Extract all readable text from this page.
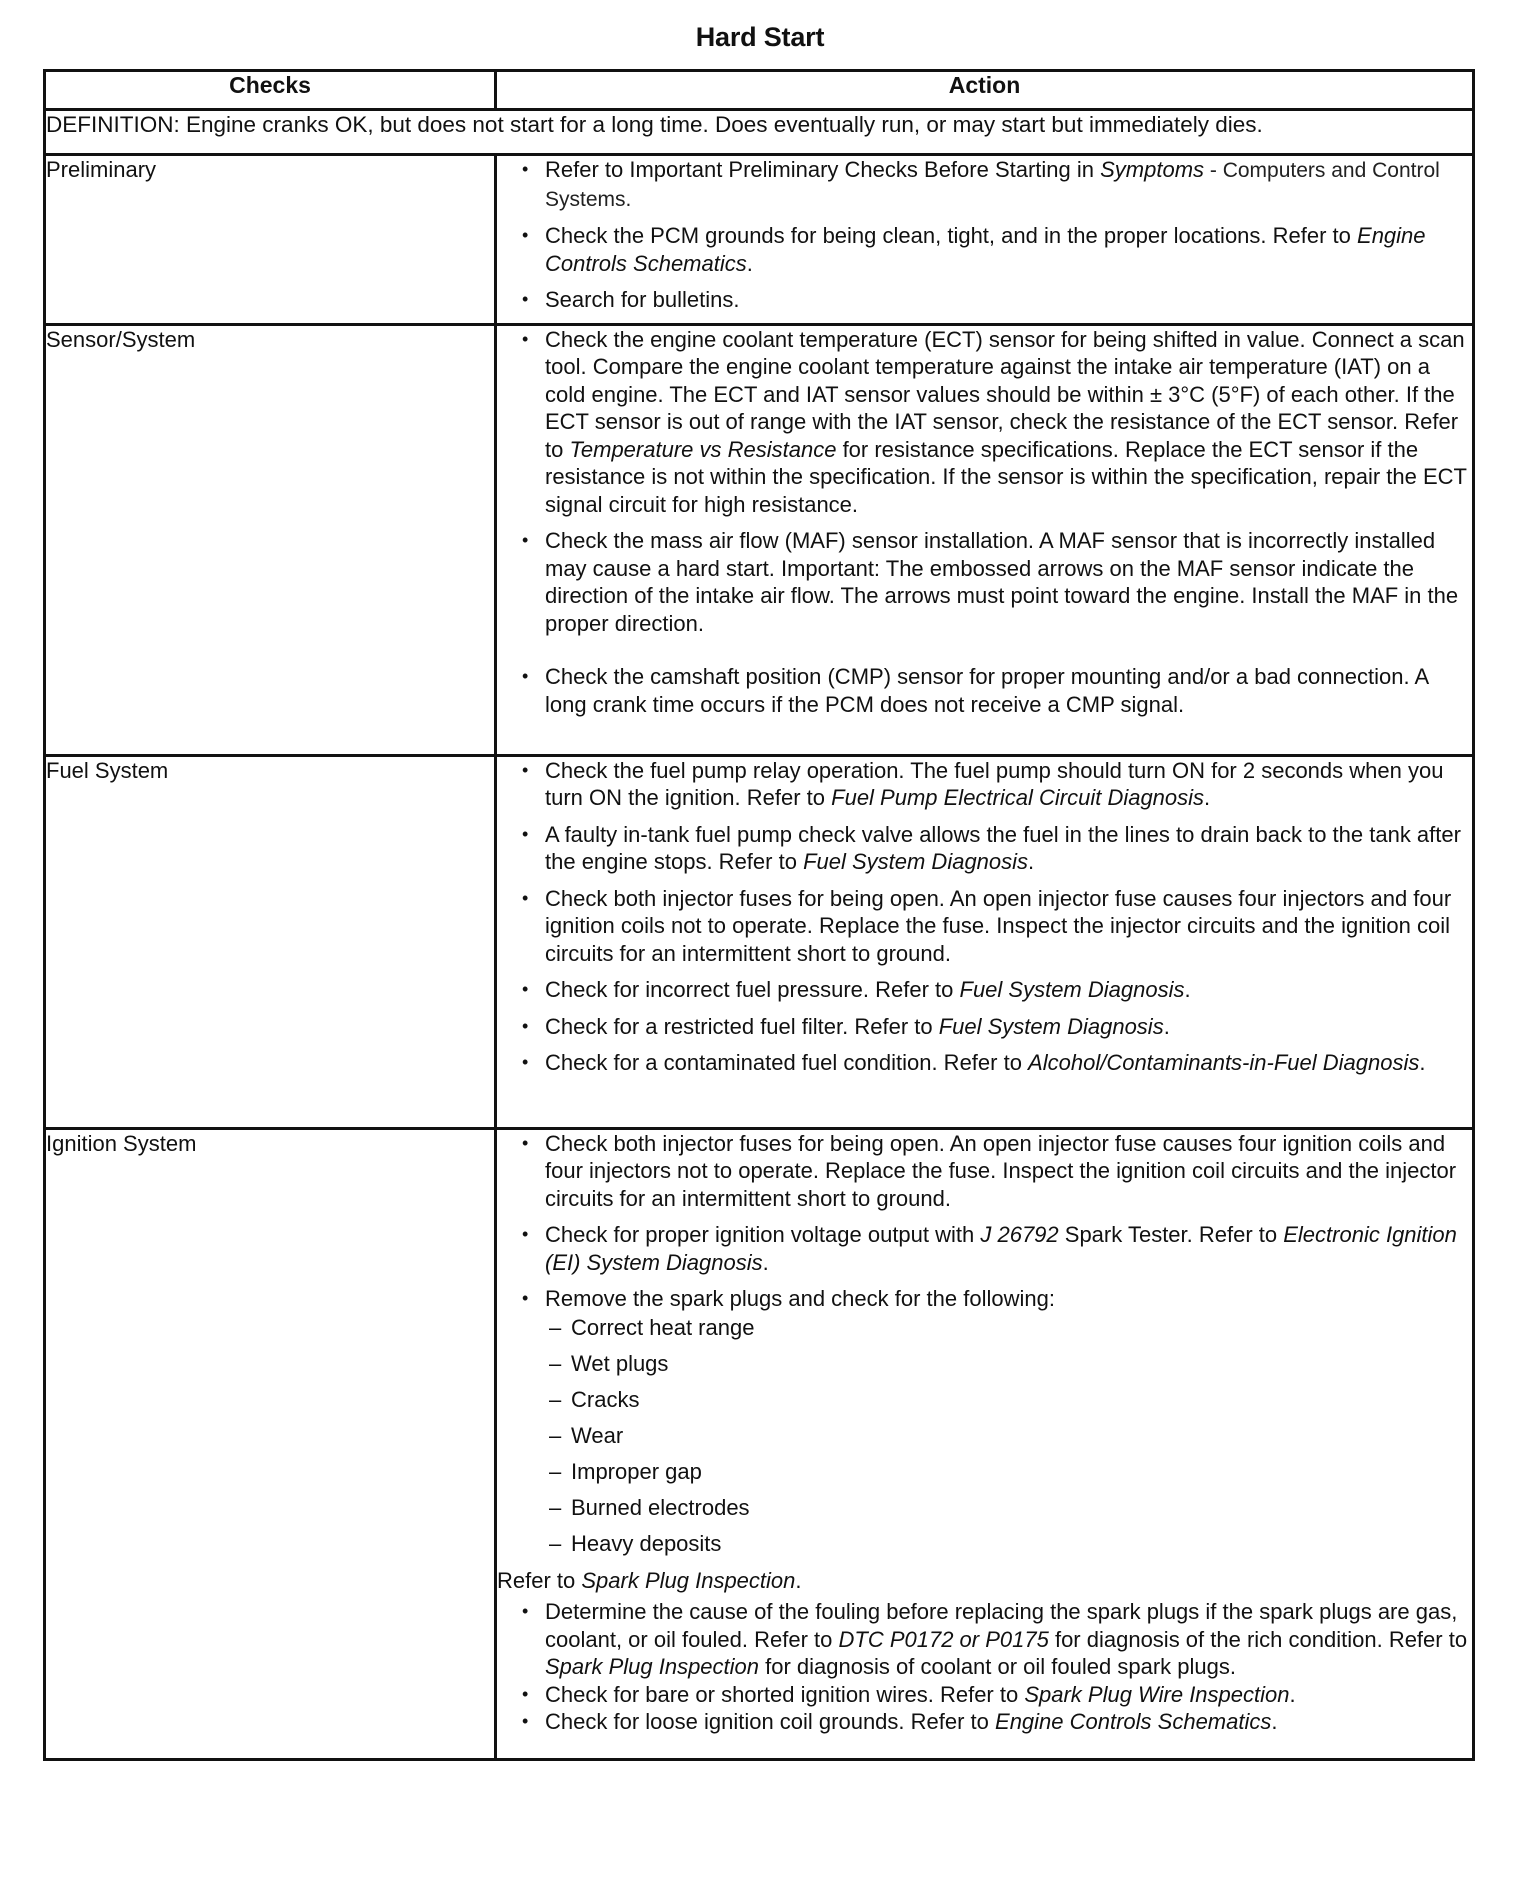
Hard Start
Checks	Action
DEFINITION: Engine cranks OK, but does not start for a long time. Does eventually run, or may start but immediately dies.	
Preliminary	
•Refer to Important Preliminary Checks Before Starting in Symptoms - Computers and Control Systems.
• Check the PCM grounds for being clean, tight, and in the proper locations. Refer to Engine Controls Schematics.
• Search for bulletins.

Sensor/System	
•Check the engine coolant temperature (ECT) sensor for being shifted in value. Connect a scan tool. Compare the engine coolant temperature against the intake air temperature (IAT) on a cold engine. The ECT and IAT sensor values should be within ± 3°C (5°F) of each other. If the ECT sensor is out of range with the IAT sensor, check the resistance of the ECT sensor. Refer to Temperature vs Resistance for resistance specifications. Replace the ECT sensor if the resistance is not within the specification. If the sensor is within the specification, repair the ECT signal circuit for high resistance.
• Check the mass air flow (MAF) sensor installation. A MAF sensor that is incorrectly installed may cause a hard start. Important: The embossed arrows on the MAF sensor indicate the direction of the intake air flow. The arrows must point toward the engine. Install the MAF in the proper direction.
• Check the camshaft position (CMP) sensor for proper mounting and/or a bad connection. A long crank time occurs if the PCM does not receive a CMP signal.

Fuel System	
•Check the fuel pump relay operation. The fuel pump should turn ON for 2 seconds when you turn ON the ignition. Refer to Fuel Pump Electrical Circuit Diagnosis.
• A faulty in-tank fuel pump check valve allows the fuel in the lines to drain back to the tank after the engine stops. Refer to Fuel System Diagnosis.
• Check both injector fuses for being open. An open injector fuse causes four injectors and four ignition coils not to operate. Replace the fuse. Inspect the injector circuits and the ignition coil circuits for an intermittent short to ground.
• Check for incorrect fuel pressure. Refer to Fuel System Diagnosis.
• Check for a restricted fuel filter. Refer to Fuel System Diagnosis.
• Check for a contaminated fuel condition. Refer to Alcohol/Contaminants-in-Fuel Diagnosis.

Ignition System	
•Check both injector fuses for being open. An open injector fuse causes four ignition coils and four injectors not to operate. Replace the fuse. Inspect the ignition coil circuits and the injector circuits for an intermittent short to ground.
• Check for proper ignition voltage output with J 26792 Spark Tester. Refer to Electronic Ignition (EI) System Diagnosis.
• Remove the spark plugs and check for the following:
– Correct heat range
– Wet plugs
– Cracks
– Wear
– Improper gap
– Burned electrodes
– Heavy deposits
Refer to Spark Plug Inspection.
• Determine the cause of the fouling before replacing the spark plugs if the spark plugs are gas, coolant, or oil fouled. Refer to DTC P0172 or P0175 for diagnosis of the rich condition. Refer to Spark Plug Inspection for diagnosis of coolant or oil fouled spark plugs.
• Check for bare or shorted ignition wires. Refer to Spark Plug Wire Inspection.
• Check for loose ignition coil grounds. Refer to Engine Controls Schematics.
